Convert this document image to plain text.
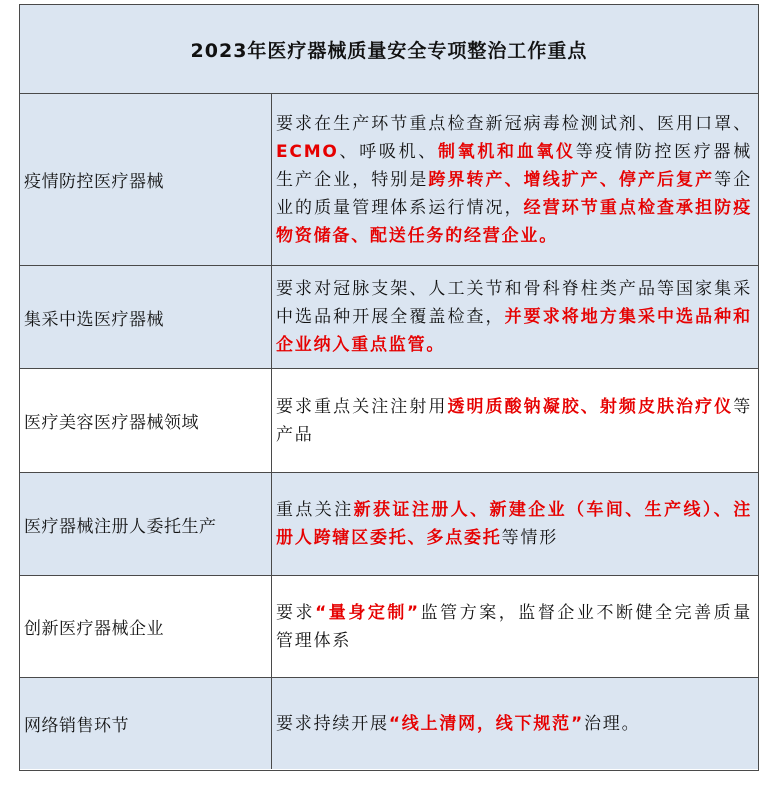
2023年医疗器械质量安全专项整治工作重点
疫情防控医疗器械

要求在生产环节重点检查新冠病毒检测试剂、医用口罩、ECMO、呼吸机、制氧机和血氧仪等疫情防控医疗器械生产企业，特别是跨界转产、增线扩产、停产后复产等企业的质量管理体系运行情况，经营环节重点检查承担防疫物资储备、配送任务的经营企业。

集采中选医疗器械

要求对冠脉支架、人工关节和骨科脊柱类产品等国家集采中选品种开展全覆盖检查，并要求将地方集采中选品种和企业纳入重点监管。

医疗美容医疗器械领域

要求重点关注注射用透明质酸钠凝胶、射频皮肤治疗仪等产品

医疗器械注册人委托生产

重点关注新获证注册人、新建企业（车间、生产线）、注册人跨辖区委托、多点委托等情形

创新医疗器械企业

要求“量身定制”监管方案，监督企业不断健全完善质量管理体系

网络销售环节	要求持续开展“线上清网，线下规范”治理。
